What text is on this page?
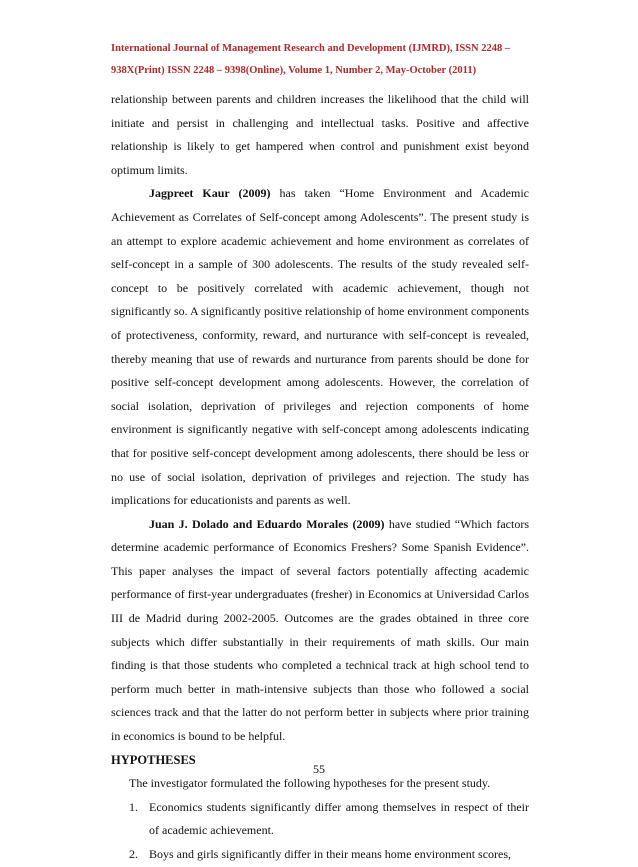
International Journal of Management Research and Development (IJMRD), ISSN 2248 –
938X(Print) ISSN 2248 – 9398(Online), Volume 1, Number 2, May-October (2011)

relationship between parents and children increases the likelihood that the child will initiate and persist in challenging and intellectual tasks. Positive and affective relationship is likely to get hampered when control and punishment exist beyond optimum limits.

Jagpreet Kaur (2009) has taken “Home Environment and Academic Achievement as Correlates of Self-concept among Adolescents”. The present study is an attempt to explore academic achievement and home environment as correlates of self-concept in a sample of 300 adolescents. The results of the study revealed self-concept to be positively correlated with academic achievement, though not significantly so. A significantly positive relationship of home environment components of protectiveness, conformity, reward, and nurturance with self-concept is revealed, thereby meaning that use of rewards and nurturance from parents should be done for positive self-concept development among adolescents. However, the correlation of social isolation, deprivation of privileges and rejection components of home environment is significantly negative with self-concept among adolescents indicating that for positive self-concept development among adolescents, there should be less or no use of social isolation, deprivation of privileges and rejection. The study has implications for educationists and parents as well.

Juan J. Dolado and Eduardo Morales (2009) have studied “Which factors determine academic performance of Economics Freshers? Some Spanish Evidence”. This paper analyses the impact of several factors potentially affecting academic performance of first-year undergraduates (fresher) in Economics at Universidad Carlos III de Madrid during 2002-2005. Outcomes are the grades obtained in three core subjects which differ substantially in their requirements of math skills. Our main finding is that those students who completed a technical track at high school tend to perform much better in math-intensive subjects than those who followed a social sciences track and that the latter do not perform better in subjects where prior training in economics is bound to be helpful.

HYPOTHESES

The investigator formulated the following hypotheses for the present study.

1. Economics students significantly differ among themselves in respect of their of academic achievement.
2. Boys and girls significantly differ in their means home environment scores,
55
